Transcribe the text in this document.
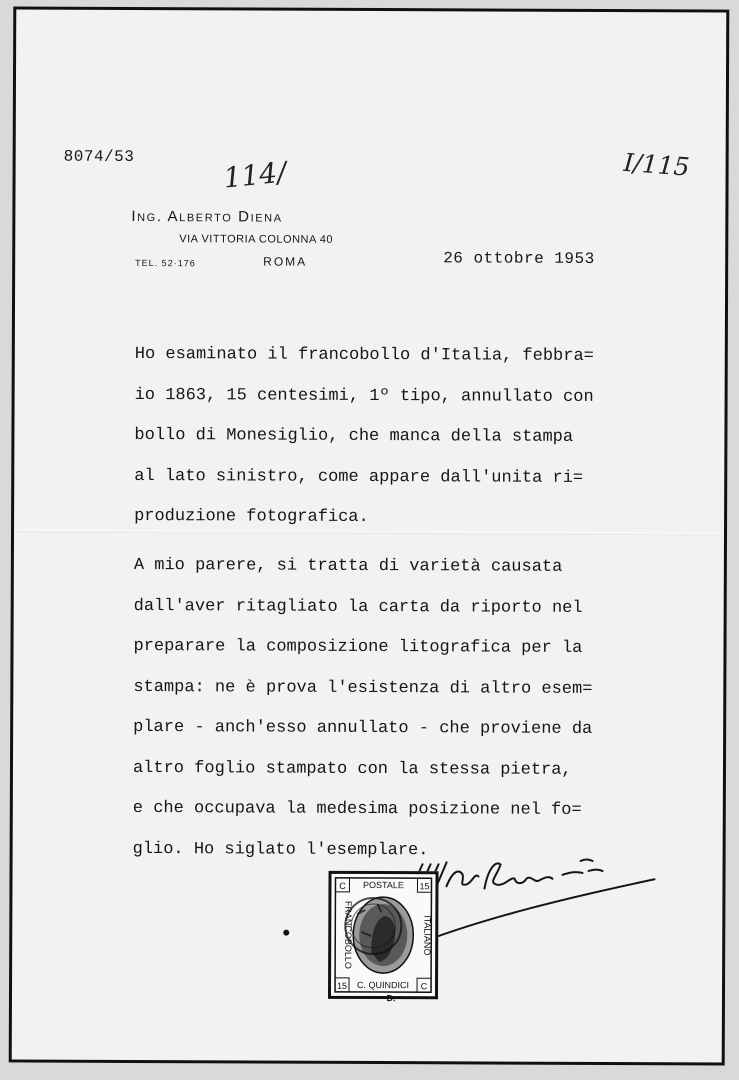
8074/53	114/	I/115
Ing. Alberto Diena
VIA VITTORIA COLONNA 40
TEL. 52·176	ROMA	26 ottobre 1953
Ho esaminato il francobollo d'Italia, febbra=
io 1863, 15 centesimi, 1º tipo, annullato con
bollo di Monesiglio, che manca della stampa
al lato sinistro, come appare dall'unita ri=
produzione fotografica.
A mio parere, si tratta di varietà causata
dall'aver ritagliato la carta da riporto nel
preparare la composizione litografica per la
stampa: ne è prova l'esistenza di altro esem=
plare - anch'esso annullato - che proviene da
altro foglio stampato con la stessa pietra,
e che occupava la medesima posizione nel fo=
glio. Ho siglato l'esemplare.
C	15
15	C
POSTALE
C. QUINDICI
FRANCOBOLLO	ITALIANO
D.
